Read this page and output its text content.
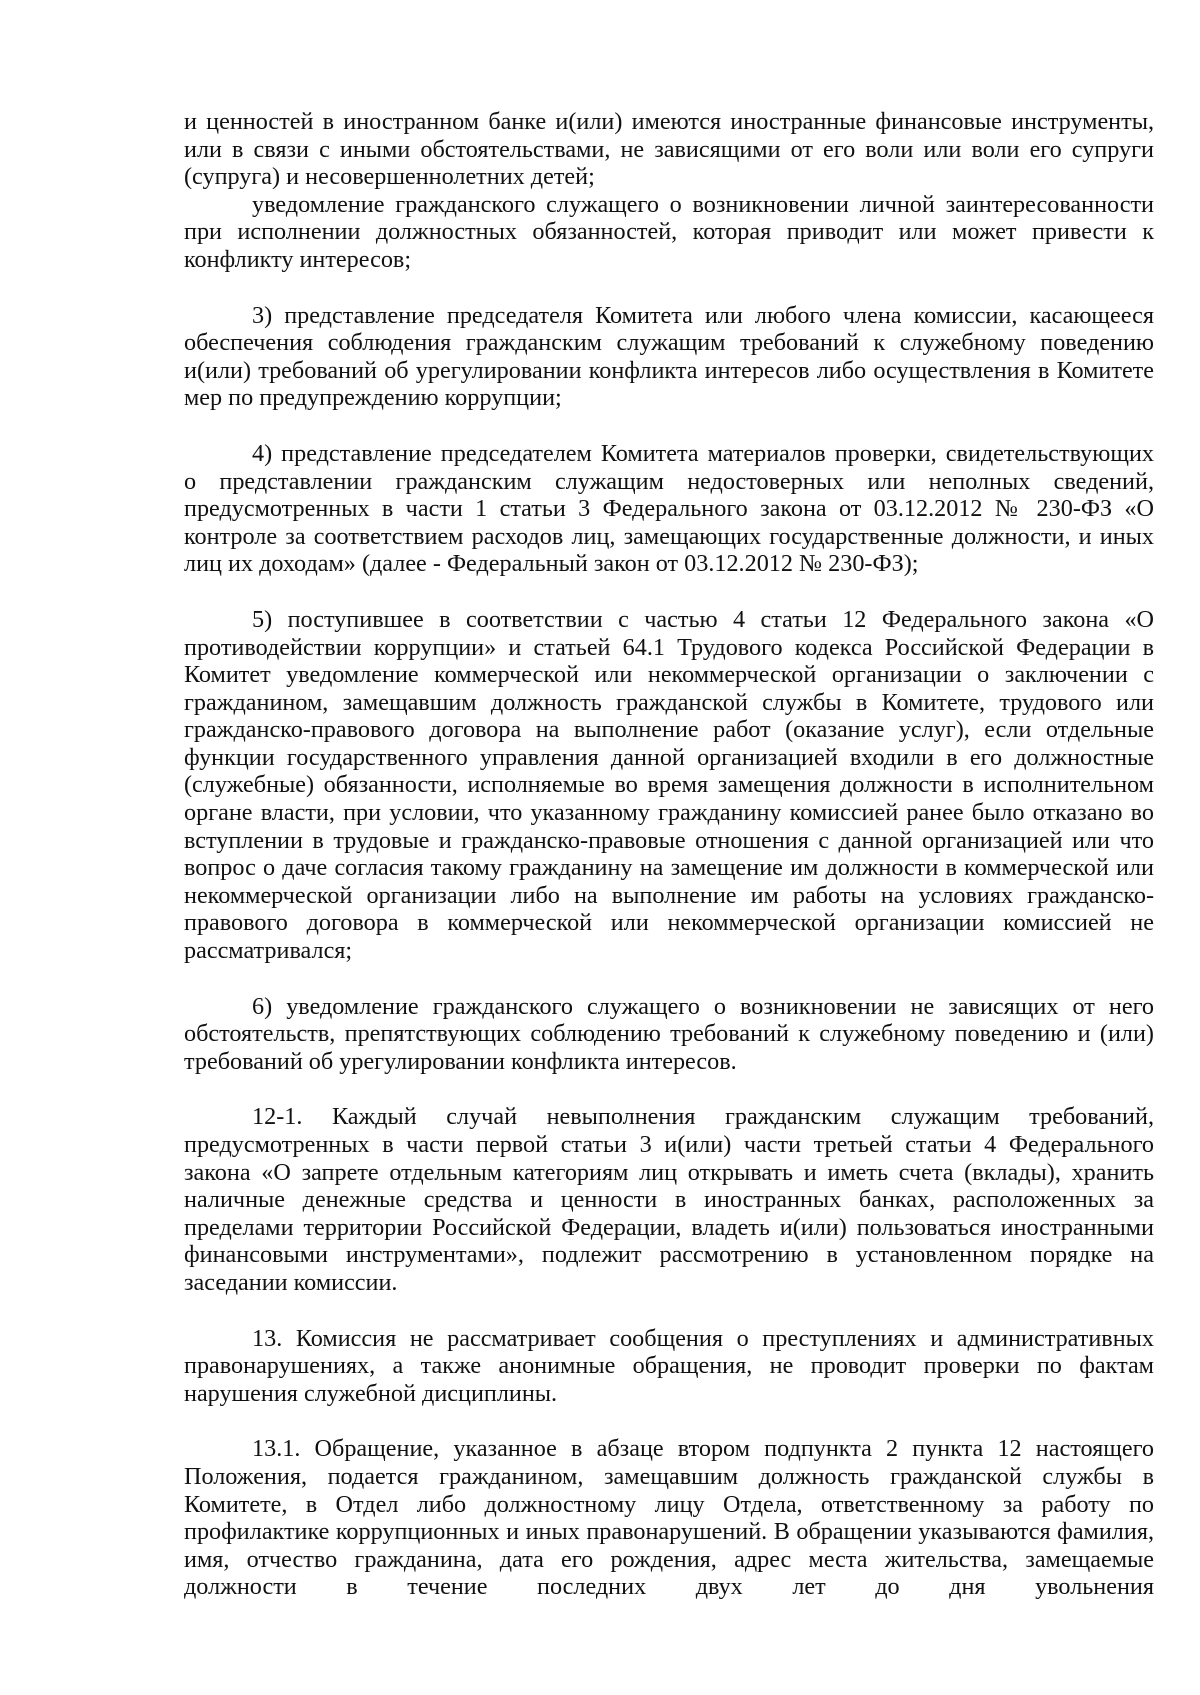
и ценностей в иностранном банке и(или) имеются иностранные финансовые инструменты, или в связи с иными обстоятельствами, не зависящими от его воли или воли его супруги (супруга) и несовершеннолетних детей;

уведомление гражданского служащего о возникновении личной заинтересованности при исполнении должностных обязанностей, которая приводит или может привести к конфликту интересов;

3) представление председателя Комитета или любого члена комиссии, касающееся обеспечения соблюдения гражданским служащим требований к служебному поведению и(или) требований об урегулировании конфликта интересов либо осуществления в Комитете мер по предупреждению коррупции;

4) представление председателем Комитета материалов проверки, свидетельствующих о представлении гражданским служащим недостоверных или неполных сведений, предусмотренных в части 1 статьи 3 Федерального закона от 03.12.2012 № 230-ФЗ «О контроле за соответствием расходов лиц, замещающих государственные должности, и иных лиц их доходам» (далее - Федеральный закон от 03.12.2012 № 230-ФЗ);

5) поступившее в соответствии с частью 4 статьи 12 Федерального закона «О противодействии коррупции» и статьей 64.1 Трудового кодекса Российской Федерации в Комитет уведомление коммерческой или некоммерческой организации о заключении с гражданином, замещавшим должность гражданской службы в Комитете, трудового или гражданско-правового договора на выполнение работ (оказание услуг), если отдельные функции государственного управления данной организацией входили в его должностные (служебные) обязанности, исполняемые во время замещения должности в исполнительном органе власти, при условии, что указанному гражданину комиссией ранее было отказано во вступлении в трудовые и гражданско-правовые отношения с данной организацией или что вопрос о даче согласия такому гражданину на замещение им должности в коммерческой или некоммерческой организации либо на выполнение им работы на условиях гражданско-правового договора в коммерческой или некоммерческой организации комиссией не рассматривался;

6) уведомление гражданского служащего о возникновении не зависящих от него обстоятельств, препятствующих соблюдению требований к служебному поведению и (или) требований об урегулировании конфликта интересов.

12-1. Каждый случай невыполнения гражданским служащим требований, предусмотренных в части первой статьи 3 и(или) части третьей статьи 4 Федерального закона «О запрете отдельным категориям лиц открывать и иметь счета (вклады), хранить наличные денежные средства и ценности в иностранных банках, расположенных за пределами территории Российской Федерации, владеть и(или) пользоваться иностранными финансовыми инструментами», подлежит рассмотрению в установленном порядке на заседании комиссии.

13. Комиссия не рассматривает сообщения о преступлениях и административных правонарушениях, а также анонимные обращения, не проводит проверки по фактам нарушения служебной дисциплины.

13.1. Обращение, указанное в абзаце втором подпункта 2 пункта 12 настоящего Положения, подается гражданином, замещавшим должность гражданской службы в Комитете, в Отдел либо должностному лицу Отдела, ответственному за работу по профилактике коррупционных и иных правонарушений. В обращении указываются фамилия, имя, отчество гражданина, дата его рождения, адрес места жительства, замещаемые должности в течение последних двух лет до дня увольнения
